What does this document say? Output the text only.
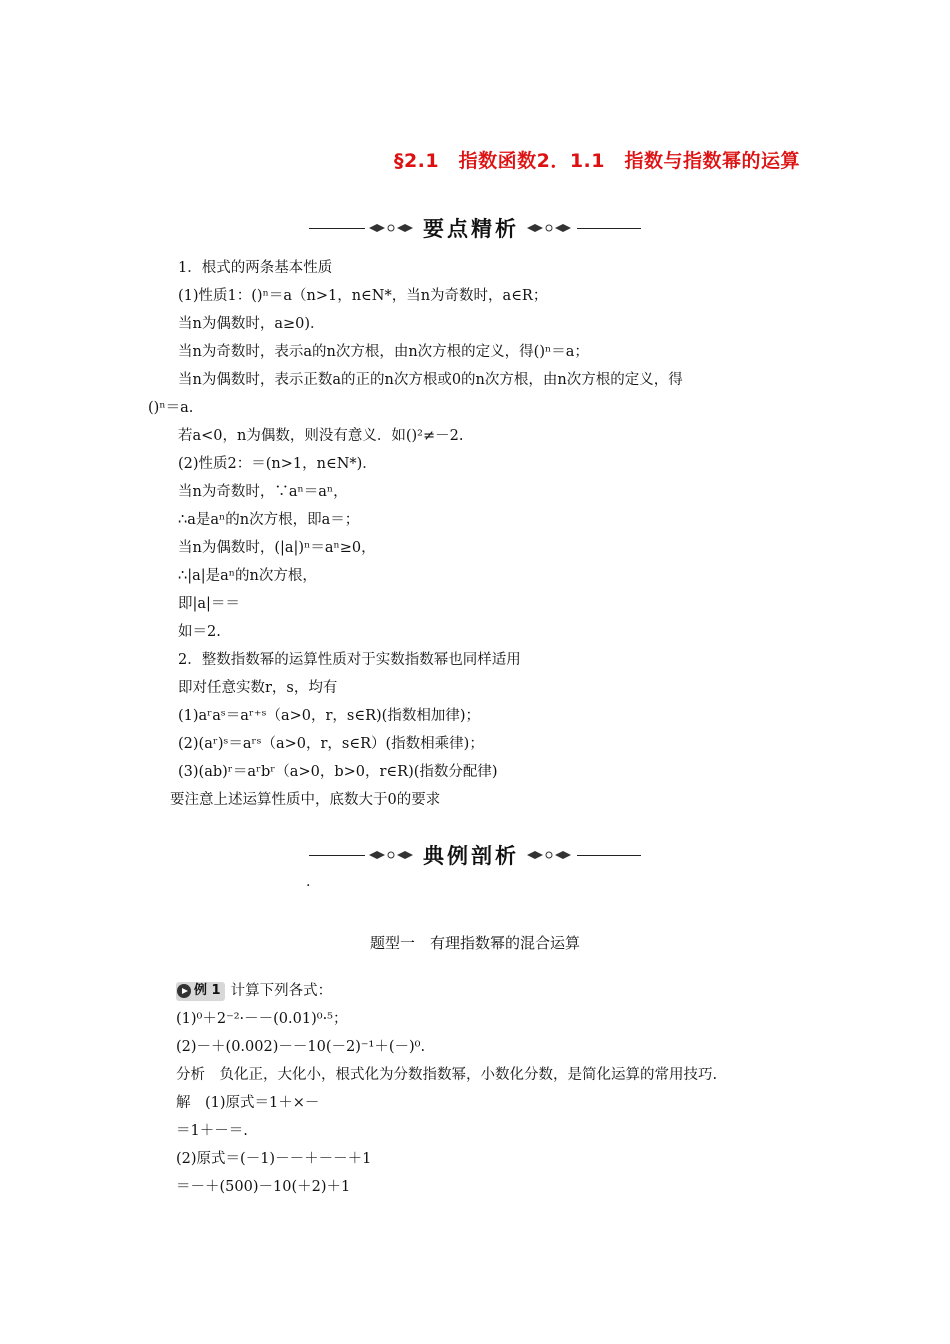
§2.1　指数函数2．1.1　指数与指数幂的运算
要点精析
1．根式的两条基本性质
(1)性质1：()ⁿ＝a（n>1，n∈N*，当n为奇数时，a∈R；
当n为偶数时，a≥0)．
当n为奇数时，表示a的n次方根，由n次方根的定义，得()ⁿ＝a；
当n为偶数时，表示正数a的正的n次方根或0的n次方根，由n次方根的定义，得
()ⁿ＝a.
若a<0，n为偶数，则没有意义．如()²≠－2.
(2)性质2：＝(n>1，n∈N*)．
当n为奇数时，∵aⁿ＝aⁿ，
∴a是aⁿ的n次方根，即a＝；
当n为偶数时，(|a|)ⁿ＝aⁿ≥0，
∴|a|是aⁿ的n次方根，
即|a|＝＝
如＝2.
2．整数指数幂的运算性质对于实数指数幂也同样适用
即对任意实数r，s，均有
(1)aʳaˢ＝aʳ⁺ˢ（a>0，r，s∈R)(指数相加律)；
(2)(aʳ)ˢ＝aʳˢ（a>0，r，s∈R）(指数相乘律)；
(3)(ab)ʳ＝aʳbʳ（a>0，b>0，r∈R)(指数分配律)
要注意上述运算性质中，底数大于0的要求
典例剖析
.
题型一　有理指数幂的混合运算
例 1 计算下列各式：
(1)⁰＋2⁻²·－－(0.01)⁰·⁵；
(2)－＋(0.002)－－10(－2)⁻¹＋(－)⁰.
分析　负化正，大化小，根式化为分数指数幂，小数化分数，是简化运算的常用技巧.
解　(1)原式＝1＋×－
＝1＋－＝.
(2)原式＝(－1)－－＋－－＋1
＝－＋(500)－10(＋2)＋1
